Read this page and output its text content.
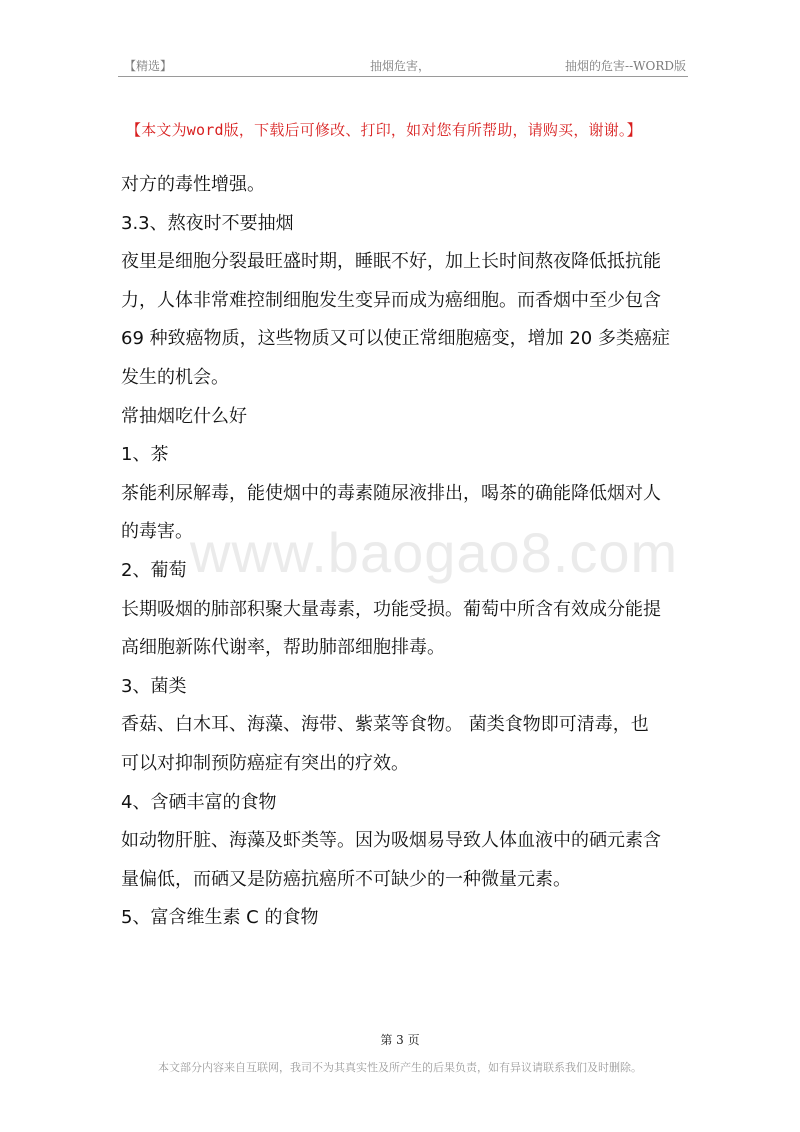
【精选】	抽烟危害，	抽烟的危害--WORD版
【本文为word版，下载后可修改、打印，如对您有所帮助，请购买，谢谢。】
www.baogao8.com

对方的毒性增强。

3.3、熬夜时不要抽烟

夜里是细胞分裂最旺盛时期，睡眠不好，加上长时间熬夜降低抵抗能

力，人体非常难控制细胞发生变异而成为癌细胞。而香烟中至少包含

69 种致癌物质，这些物质又可以使正常细胞癌变，增加 20 多类癌症

发生的机会。

常抽烟吃什么好

1、茶

茶能利尿解毒，能使烟中的毒素随尿液排出，喝茶的确能降低烟对人

的毒害。

2、葡萄

长期吸烟的肺部积聚大量毒素，功能受损。葡萄中所含有效成分能提

高细胞新陈代谢率，帮助肺部细胞排毒。

3、菌类

香菇、白木耳、海藻、海带、紫菜等食物。 菌类食物即可清毒，也

可以对抑制预防癌症有突出的疗效。

4、含硒丰富的食物

如动物肝脏、海藻及虾类等。因为吸烟易导致人体血液中的硒元素含

量偏低，而硒又是防癌抗癌所不可缺少的一种微量元素。

5、富含维生素 C 的食物

第 3 页
本文部分内容来自互联网，我司不为其真实性及所产生的后果负责，如有异议请联系我们及时删除。
